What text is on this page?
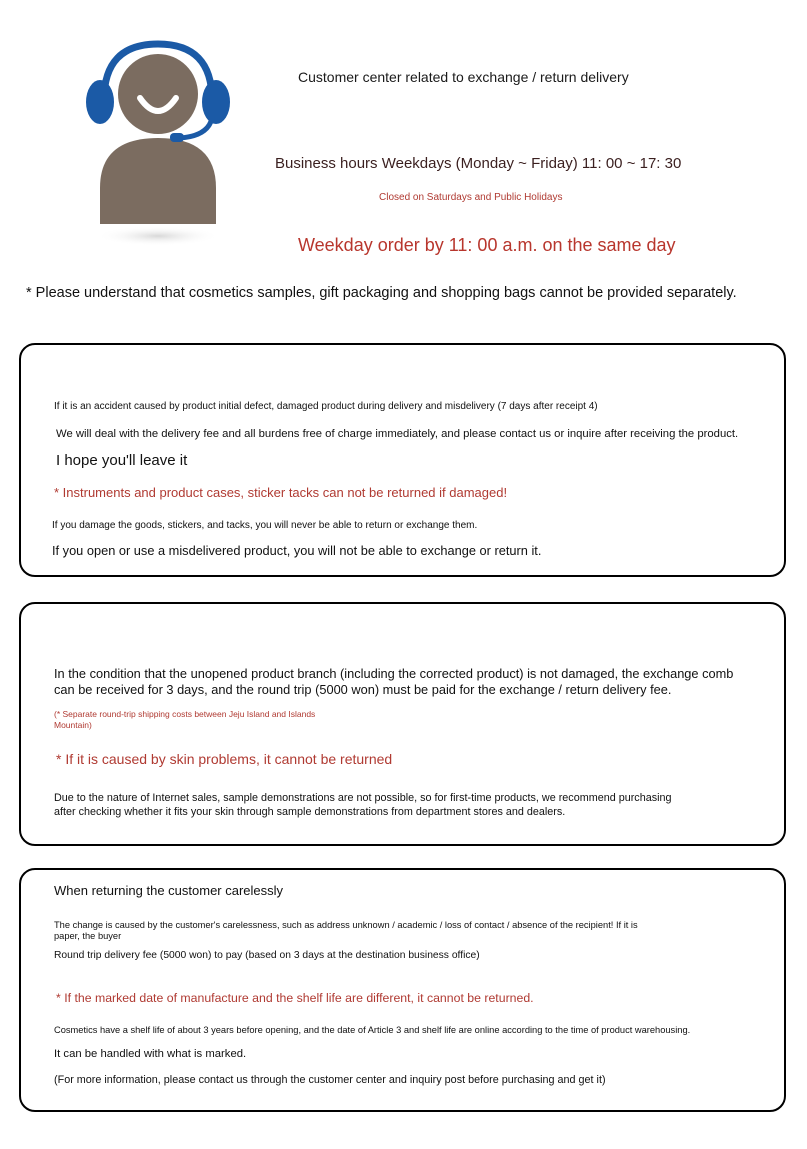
Customer center related to exchange / return delivery
Business hours Weekdays (Monday ~ Friday) 11: 00 ~ 17: 30
Closed on Saturdays and Public Holidays
Weekday order by 11: 00 a.m. on the same day
* Please understand that cosmetics samples, gift packaging and shopping bags cannot be provided separately.
If it is an accident caused by product initial defect, damaged product during delivery and misdelivery (7 days after receipt 4)
We will deal with the delivery fee and all burdens free of charge immediately, and please contact us or inquire after receiving the product.
I hope you'll leave it
* Instruments and product cases, sticker tacks can not be returned if damaged!
If you damage the goods, stickers, and tacks, you will never be able to return or exchange them.
If you open or use a misdelivered product, you will not be able to exchange or return it.
In the condition that the unopened product branch (including the corrected product) is not damaged, the exchange comb can be received for 3 days, and the round trip (5000 won) must be paid for the exchange / return delivery fee.
(* Separate round-trip shipping costs between Jeju Island and Islands Mountain)
* If it is caused by skin problems, it cannot be returned
Due to the nature of Internet sales, sample demonstrations are not possible, so for first-time products, we recommend purchasing after checking whether it fits your skin through sample demonstrations from department stores and dealers.
When returning the customer carelessly
The change is caused by the customer's carelessness, such as address unknown / academic / loss of contact / absence of the recipient! If it is paper, the buyer
Round trip delivery fee (5000 won) to pay (based on 3 days at the destination business office)
* If the marked date of manufacture and the shelf life are different, it cannot be returned.
Cosmetics have a shelf life of about 3 years before opening, and the date of Article 3 and shelf life are online according to the time of product warehousing.
It can be handled with what is marked.
(For more information, please contact us through the customer center and inquiry post before purchasing and get it)
